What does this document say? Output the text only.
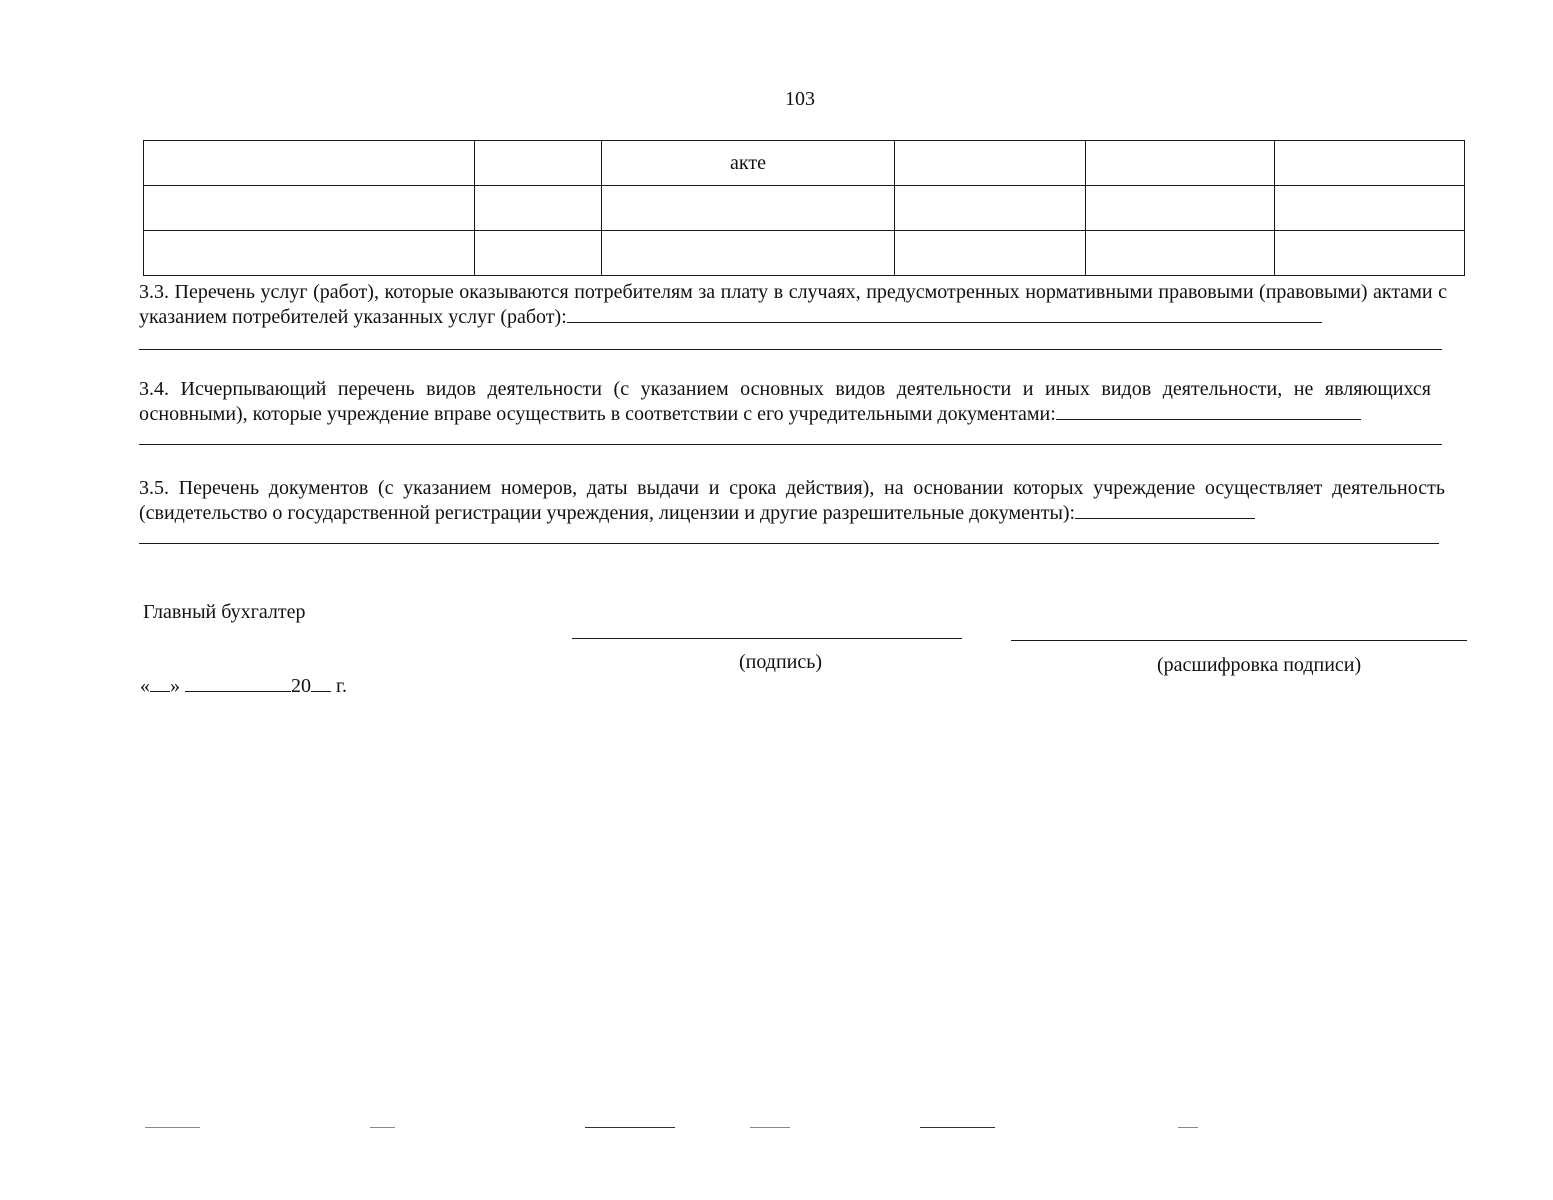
103
		акте			

3.3. Перечень услуг (работ), которые оказываются потребителям за плату в случаях, предусмотренных нормативными правовыми (правовыми) актами с указанием потребителей указанных услуг (работ):

3.4. Исчерпывающий перечень видов деятельности (с указанием основных видов деятельности и иных видов деятельности, не являющихся основными), которые учреждение вправе осуществить в соответствии с его учредительными документами:

3.5. Перечень документов (с указанием номеров, даты выдачи и срока действия), на основании которых учреждение осуществляет деятельность (свидетельство о государственной регистрации учреждения, лицензии и другие разрешительные документы):

Главный бухгалтер
(подпись)	(расшифровка подписи)
« »	20 г.
